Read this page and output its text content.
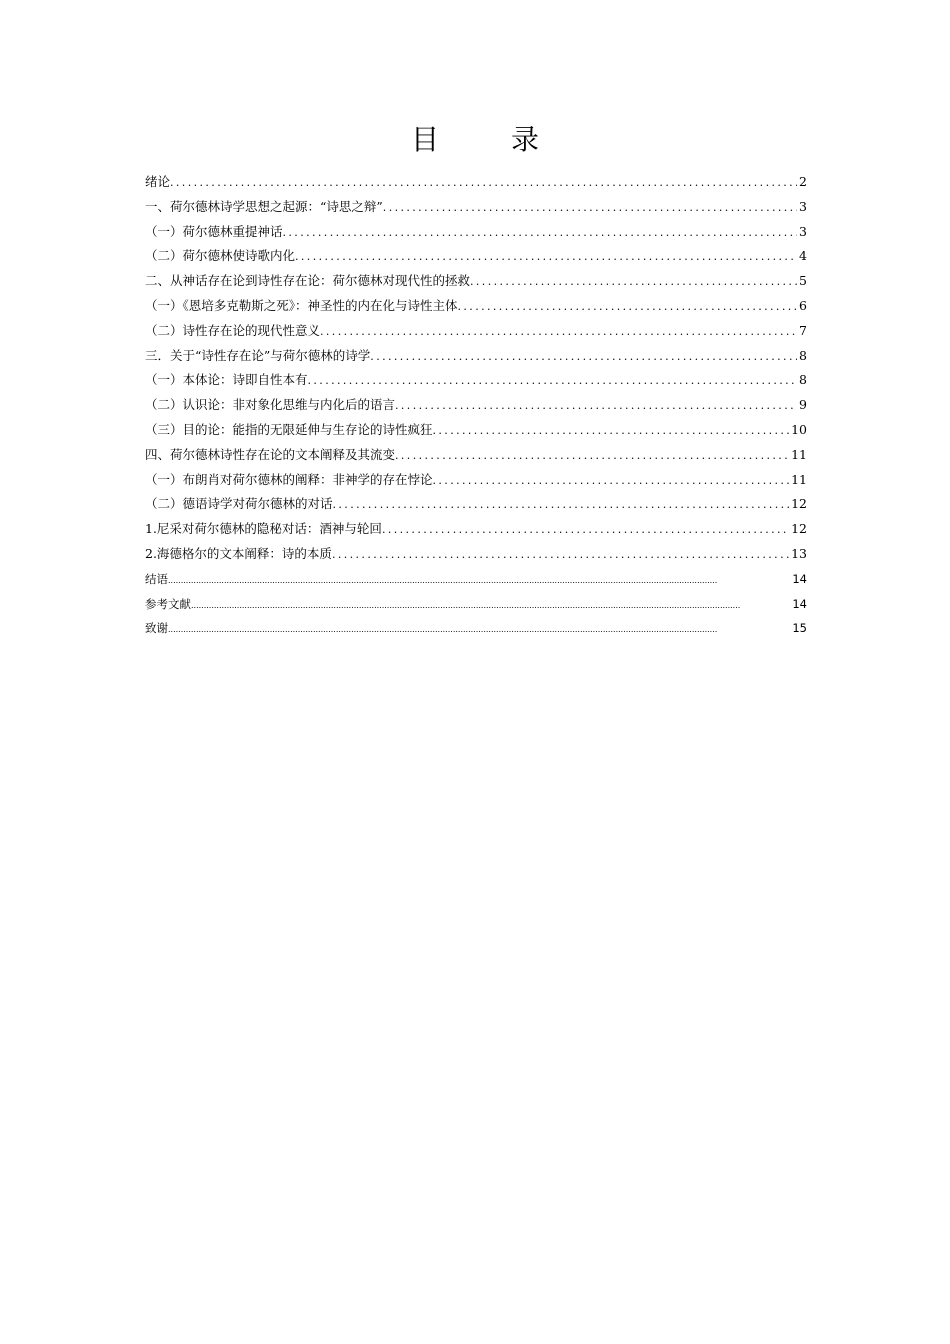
目　录
绪论 .....	2
一、荷尔德林诗学思想之起源：“诗思之辩” .....	3
（一）荷尔德林重提神话 .....	3
（二）荷尔德林使诗歌内化 .....	4
二、从神话存在论到诗性存在论：荷尔德林对现代性的拯救 .....	5
（一）《恩培多克勒斯之死》：神圣性的内在化与诗性主体 .....	6
（二）诗性存在论的现代性意义 .....	7
三．关于“诗性存在论”与荷尔德林的诗学 .....	8
（一）本体论：诗即自性本有 .....	8
（二）认识论：非对象化思维与内化后的语言 .....	9
（三）目的论：能指的无限延伸与生存论的诗性疯狂 .....	10
四、荷尔德林诗性存在论的文本阐释及其流变 .....	11
（一）布朗肖对荷尔德林的阐释：非神学的存在悖论 .....	11
（二）德语诗学对荷尔德林的对话 .....	12
1.尼采对荷尔德林的隐秘对话：酒神与轮回 .....	12
2.海德格尔的文本阐释：诗的本质 .....	13
结语 .....	14
参考文献 .....	14
致谢 .....	15
